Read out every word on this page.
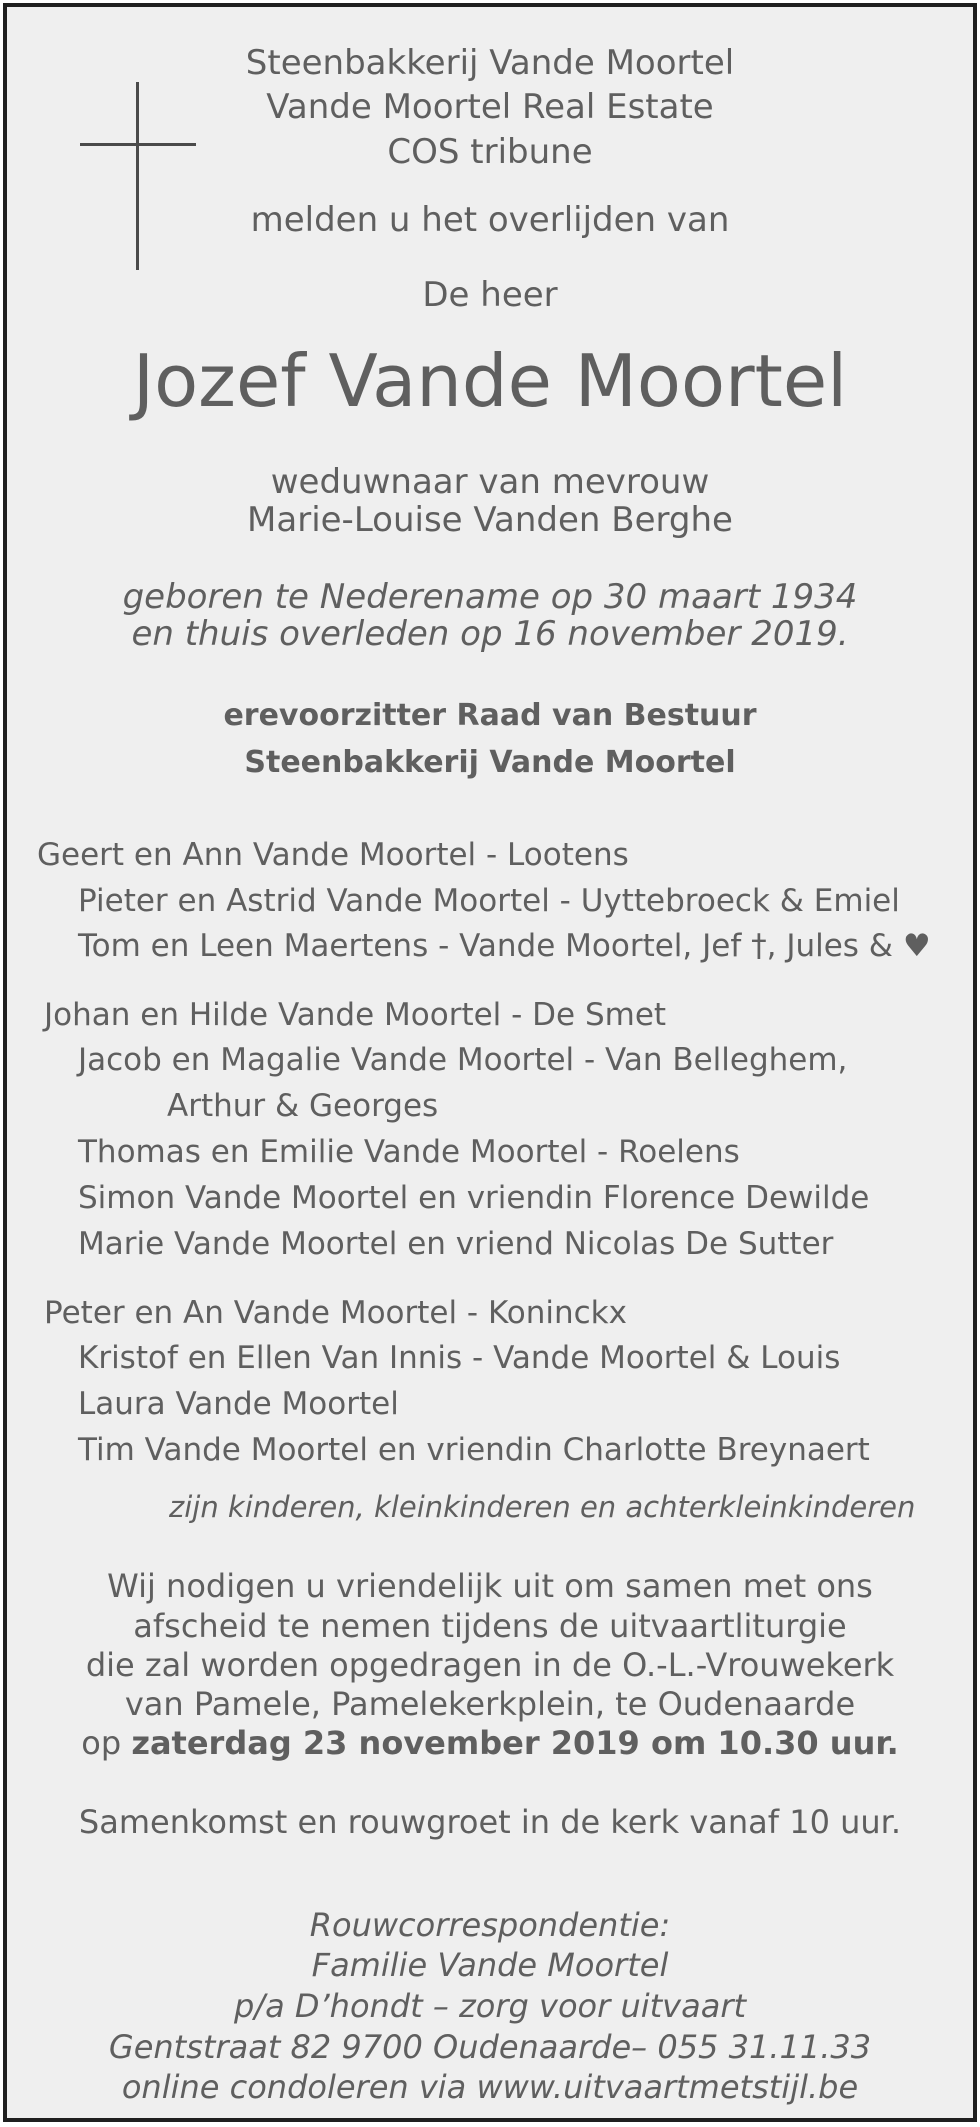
Steenbakkerij Vande Moortel
Vande Moortel Real Estate
COS tribune
melden u het overlijden van
De heer
Jozef Vande Moortel
weduwnaar van mevrouw
Marie-Louise Vanden Berghe
geboren te Nederename op 30 maart 1934
en thuis overleden op 16 november 2019.
erevoorzitter Raad van Bestuur
Steenbakkerij Vande Moortel
Geert en Ann Vande Moortel - Lootens
Pieter en Astrid Vande Moortel - Uyttebroeck & Emiel
Tom en Leen Maertens - Vande Moortel, Jef †, Jules & ♥
Johan en Hilde Vande Moortel - De Smet
Jacob en Magalie Vande Moortel - Van Belleghem,
Arthur & Georges
Thomas en Emilie Vande Moortel - Roelens
Simon Vande Moortel en vriendin Florence Dewilde
Marie Vande Moortel en vriend Nicolas De Sutter
Peter en An Vande Moortel - Koninckx
Kristof en Ellen Van Innis - Vande Moortel & Louis
Laura Vande Moortel
Tim Vande Moortel en vriendin Charlotte Breynaert
zijn kinderen, kleinkinderen en achterkleinkinderen
Wij nodigen u vriendelijk uit om samen met ons
afscheid te nemen tijdens de uitvaartliturgie
die zal worden opgedragen in de O.-L.-Vrouwekerk
van Pamele, Pamelekerkplein, te Oudenaarde
op zaterdag 23 november 2019 om 10.30 uur.
Samenkomst en rouwgroet in de kerk vanaf 10 uur.
Rouwcorrespondentie:
Familie Vande Moortel
p/a D’hondt – zorg voor uitvaart
Gentstraat 82 9700 Oudenaarde– 055 31.11.33
online condoleren via www.uitvaartmetstijl.be
